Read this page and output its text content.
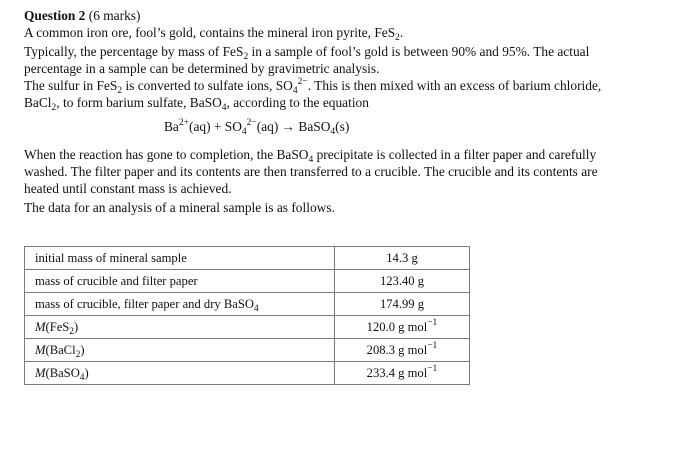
Question 2 (6 marks)
A common iron ore, fool’s gold, contains the mineral iron pyrite, FeS$_2$.
Typically, the percentage by mass of FeS$_2$ in a sample of fool’s gold is between 90% and 95%. The actual
percentage in a sample can be determined by gravimetric analysis.
The sulfur in FeS$_2$ is converted to sulfate ions, $SO_4^{2-}$. This is then mixed with an excess of barium chloride,
BaCl$_2$, to form barium sulfate, BaSO$_4$, according to the equation
$Ba^{2+}(aq) + SO_4^{2-}(aq)$ → BaSO$_4$(s)
When the reaction has gone to completion, the BaSO$_4$ precipitate is collected in a filter paper and carefully
washed. The filter paper and its contents are then transferred to a crucible. The crucible and its contents are
heated until constant mass is achieved.
The data for an analysis of a mineral sample is as follows.
initial mass of mineral sample	14.3 g
mass of crucible and filter paper	123.40 g
mass of crucible, filter paper and dry BaSO$_4$	174.99 g
M(FeS$_2$)	120.0 g mol$^{-1}$
M(BaCl$_2$)	208.3 g mol$^{-1}$
M(BaSO$_4$)	233.4 g mol$^{-1}$
